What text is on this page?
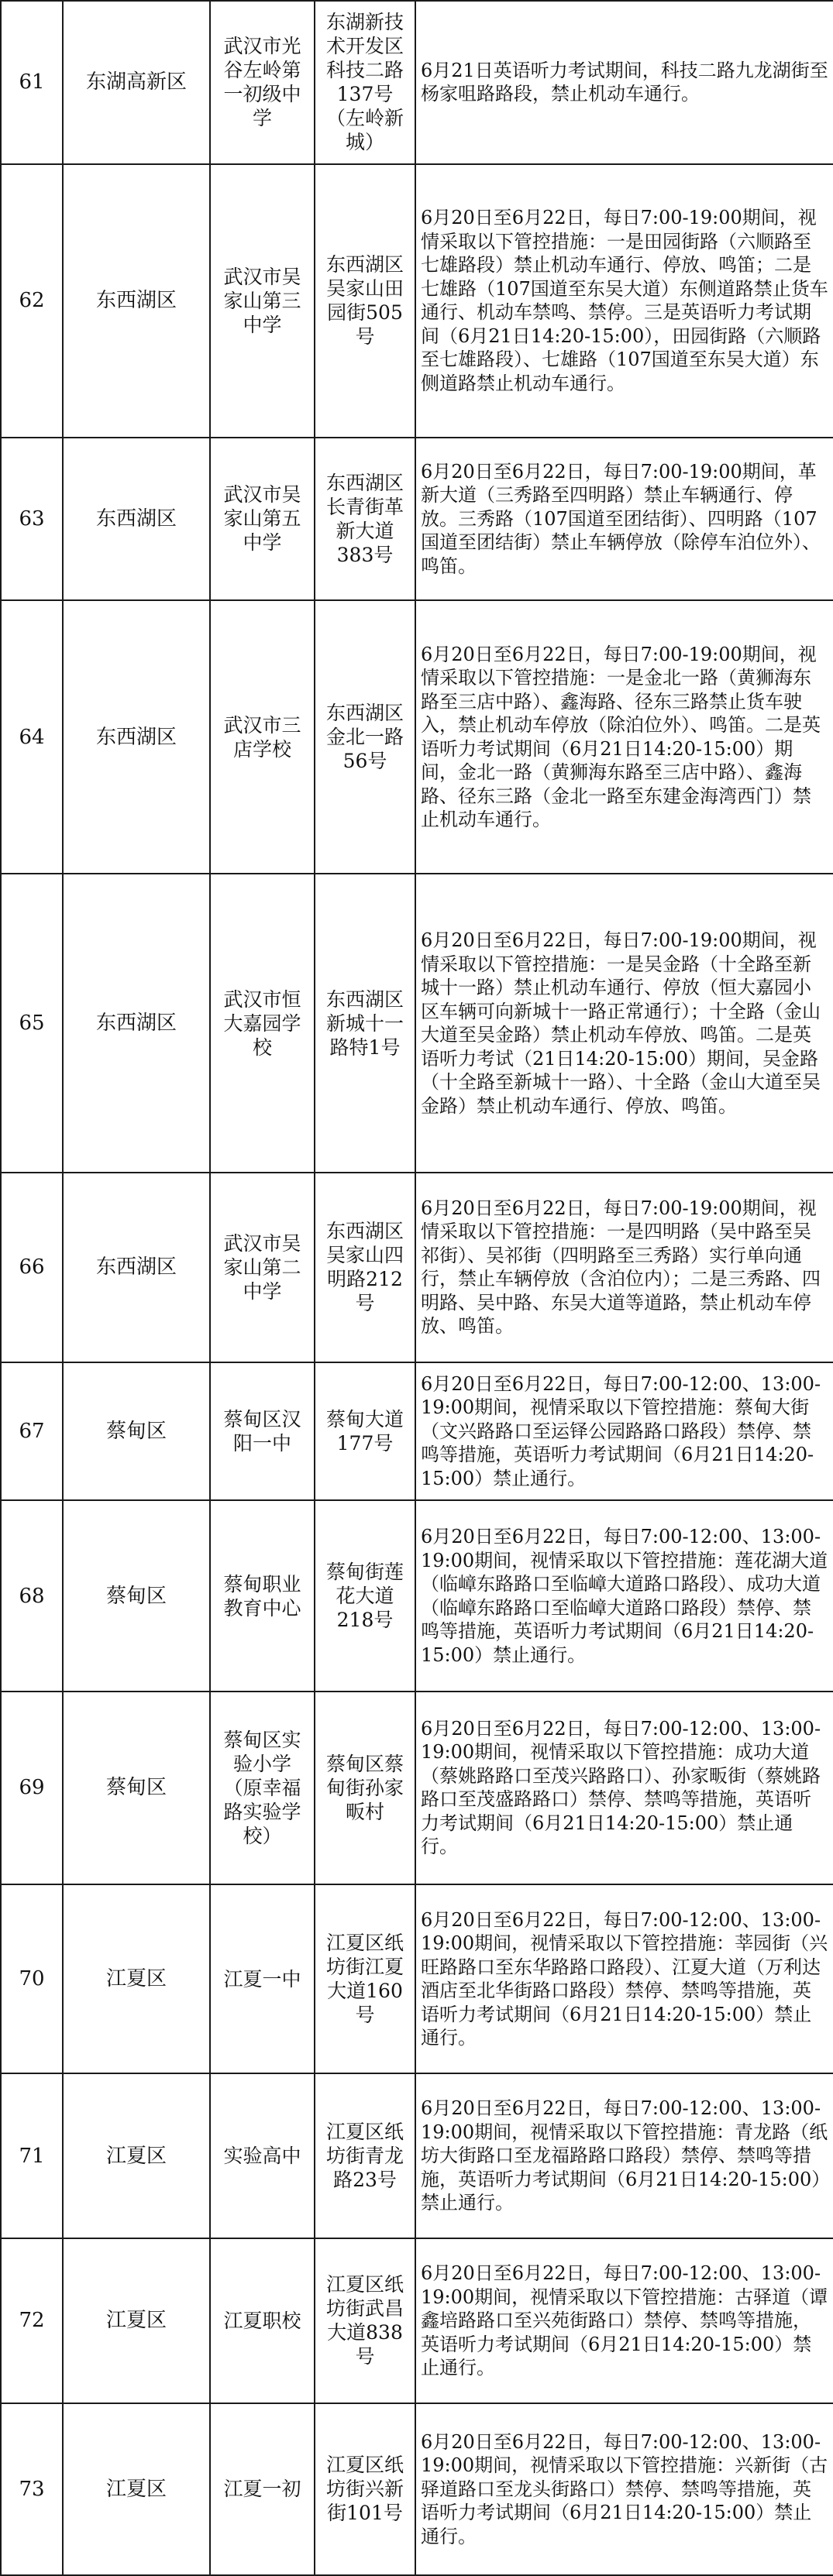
61	东湖高新区	武汉市光谷左岭第一初级中学	东湖新技术开发区科技二路137号（左岭新城）	6月21日英语听力考试期间，科技二路九龙湖街至杨家咀路路段，禁止机动车通行。
62	东西湖区	武汉市吴家山第三中学	东西湖区吴家山田园街505号	6月20日至6月22日，每日7:00-19:00期间，视情采取以下管控措施：一是田园街路（六顺路至七雄路段）禁止机动车通行、停放、鸣笛；二是七雄路（107国道至东吴大道）东侧道路禁止货车通行、机动车禁鸣、禁停。三是英语听力考试期间（6月21日14:20-15:00），田园街路（六顺路至七雄路段）、七雄路（107国道至东吴大道）东侧道路禁止机动车通行。
63	东西湖区	武汉市吴家山第五中学	东西湖区长青街革新大道383号	6月20日至6月22日，每日7:00-19:00期间，革新大道（三秀路至四明路）禁止车辆通行、停放。三秀路（107国道至团结街）、四明路（107国道至团结街）禁止车辆停放（除停车泊位外）、鸣笛。
64	东西湖区	武汉市三店学校	东西湖区金北一路56号	6月20日至6月22日，每日7:00-19:00期间，视情采取以下管控措施：一是金北一路（黄狮海东路至三店中路）、鑫海路、径东三路禁止货车驶入，禁止机动车停放（除泊位外）、鸣笛。二是英语听力考试期间（6月21日14:20-15:00）期间，金北一路（黄狮海东路至三店中路）、鑫海路、径东三路（金北一路至东建金海湾西门）禁止机动车通行。
65	东西湖区	武汉市恒大嘉园学校	东西湖区新城十一路特1号	6月20日至6月22日，每日7:00-19:00期间，视情采取以下管控措施：一是吴金路（十全路至新城十一路）禁止机动车通行、停放（恒大嘉园小区车辆可向新城十一路正常通行）；十全路（金山大道至吴金路）禁止机动车停放、鸣笛。二是英语听力考试（21日14:20-15:00）期间，吴金路（十全路至新城十一路）、十全路（金山大道至吴金路）禁止机动车通行、停放、鸣笛。
66	东西湖区	武汉市吴家山第二中学	东西湖区吴家山四明路212号	6月20日至6月22日，每日7:00-19:00期间，视情采取以下管控措施：一是四明路（吴中路至吴祁街）、吴祁街（四明路至三秀路）实行单向通行，禁止车辆停放（含泊位内）；二是三秀路、四明路、吴中路、东吴大道等道路，禁止机动车停放、鸣笛。
67	蔡甸区	蔡甸区汉阳一中	蔡甸大道177号	6月20日至6月22日，每日7:00-12:00、13:00-19:00期间，视情采取以下管控措施：蔡甸大街（文兴路路口至运铎公园路路口路段）禁停、禁鸣等措施，英语听力考试期间（6月21日14:20-15:00）禁止通行。
68	蔡甸区	蔡甸职业教育中心	蔡甸街莲花大道218号	6月20日至6月22日，每日7:00-12:00、13:00-19:00期间，视情采取以下管控措施：莲花湖大道（临嶂东路路口至临嶂大道路口路段）、成功大道（临嶂东路路口至临嶂大道路口路段）禁停、禁鸣等措施，英语听力考试期间（6月21日14:20-15:00）禁止通行。
69	蔡甸区	蔡甸区实验小学（原幸福路实验学校）	蔡甸区蔡甸街孙家畈村	6月20日至6月22日，每日7:00-12:00、13:00-19:00期间，视情采取以下管控措施：成功大道（蔡姚路路口至茂兴路路口）、孙家畈街（蔡姚路路口至茂盛路路口）禁停、禁鸣等措施，英语听力考试期间（6月21日14:20-15:00）禁止通行。
70	江夏区	江夏一中	江夏区纸坊街江夏大道160号	6月20日至6月22日，每日7:00-12:00、13:00-19:00期间，视情采取以下管控措施：莘园街（兴旺路路口至东华路路口路段）、江夏大道（万利达酒店至北华街路口路段）禁停、禁鸣等措施，英语听力考试期间（6月21日14:20-15:00）禁止通行。
71	江夏区	实验高中	江夏区纸坊街青龙路23号	6月20日至6月22日，每日7:00-12:00、13:00-19:00期间，视情采取以下管控措施：青龙路（纸坊大街路口至龙福路路口路段）禁停、禁鸣等措施，英语听力考试期间（6月21日14:20-15:00）禁止通行。
72	江夏区	江夏职校	江夏区纸坊街武昌大道838号	6月20日至6月22日，每日7:00-12:00、13:00-19:00期间，视情采取以下管控措施：古驿道（谭鑫培路路口至兴苑街路口）禁停、禁鸣等措施，英语听力考试期间（6月21日14:20-15:00）禁止通行。
73	江夏区	江夏一初	江夏区纸坊街兴新街101号	6月20日至6月22日，每日7:00-12:00、13:00-19:00期间，视情采取以下管控措施：兴新街（古驿道路口至龙头街路口）禁停、禁鸣等措施，英语听力考试期间（6月21日14:20-15:00）禁止通行。
